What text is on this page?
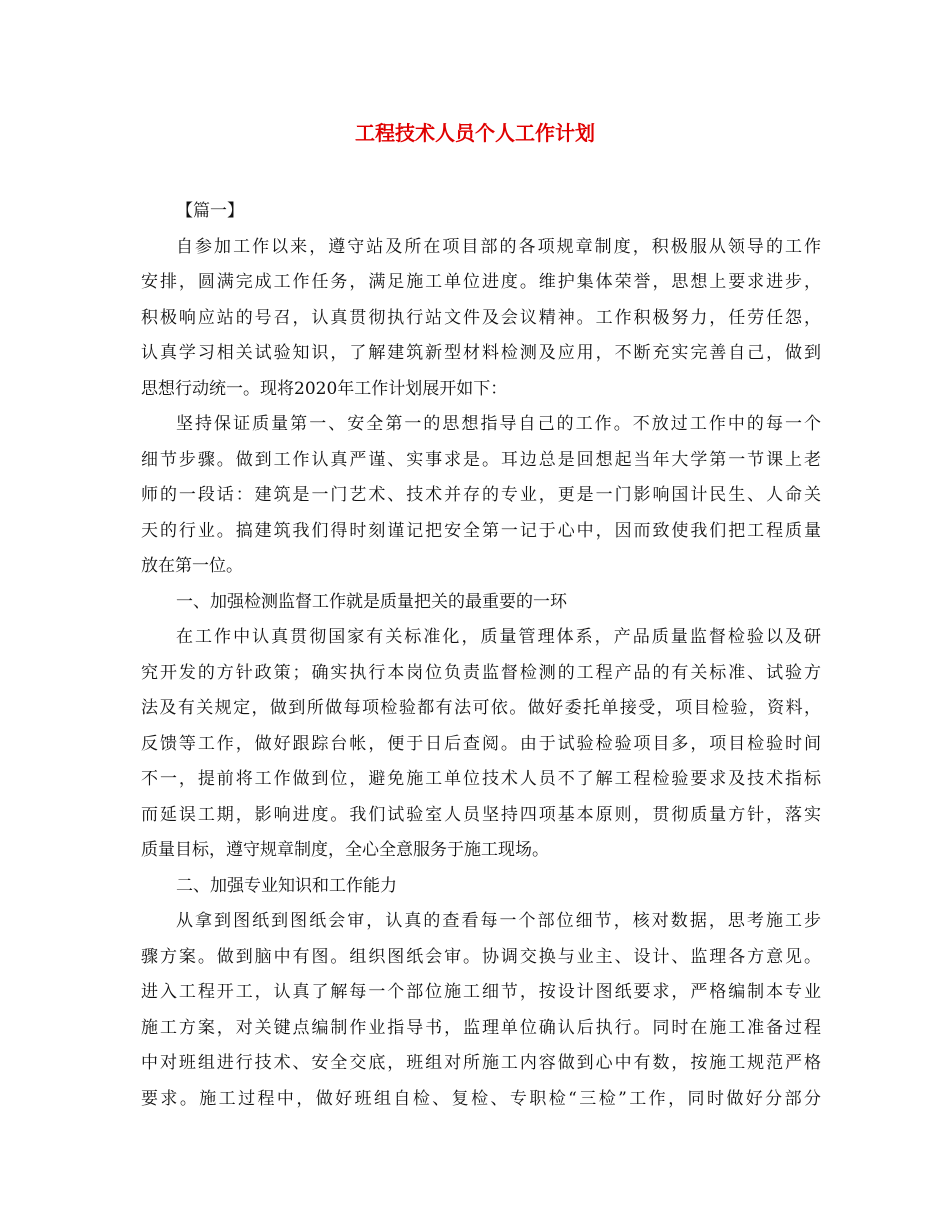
工程技术人员个人工作计划
【篇一】
自参加工作以来，遵守站及所在项目部的各项规章制度，积极服从领导的工作
安排，圆满完成工作任务，满足施工单位进度。维护集体荣誉，思想上要求进步，
积极响应站的号召，认真贯彻执行站文件及会议精神。工作积极努力，任劳任怨，
认真学习相关试验知识，了解建筑新型材料检测及应用，不断充实完善自己，做到
思想行动统一。现将2020年工作计划展开如下：
坚持保证质量第一、安全第一的思想指导自己的工作。不放过工作中的每一个
细节步骤。做到工作认真严谨、实事求是。耳边总是回想起当年大学第一节课上老
师的一段话：建筑是一门艺术、技术并存的专业，更是一门影响国计民生、人命关
天的行业。搞建筑我们得时刻谨记把安全第一记于心中，因而致使我们把工程质量
放在第一位。
一、加强检测监督工作就是质量把关的最重要的一环
在工作中认真贯彻国家有关标准化，质量管理体系，产品质量监督检验以及研
究开发的方针政策；确实执行本岗位负责监督检测的工程产品的有关标准、试验方
法及有关规定，做到所做每项检验都有法可依。做好委托单接受，项目检验，资料，
反馈等工作，做好跟踪台帐，便于日后查阅。由于试验检验项目多，项目检验时间
不一，提前将工作做到位，避免施工单位技术人员不了解工程检验要求及技术指标
而延误工期，影响进度。我们试验室人员坚持四项基本原则，贯彻质量方针，落实
质量目标，遵守规章制度，全心全意服务于施工现场。
二、加强专业知识和工作能力
从拿到图纸到图纸会审，认真的查看每一个部位细节，核对数据，思考施工步
骤方案。做到脑中有图。组织图纸会审。协调交换与业主、设计、监理各方意见。
进入工程开工，认真了解每一个部位施工细节，按设计图纸要求，严格编制本专业
施工方案，对关键点编制作业指导书，监理单位确认后执行。同时在施工准备过程
中对班组进行技术、安全交底，班组对所施工内容做到心中有数，按施工规范严格
要求。施工过程中，做好班组自检、复检、专职检“三检”工作，同时做好分部分
